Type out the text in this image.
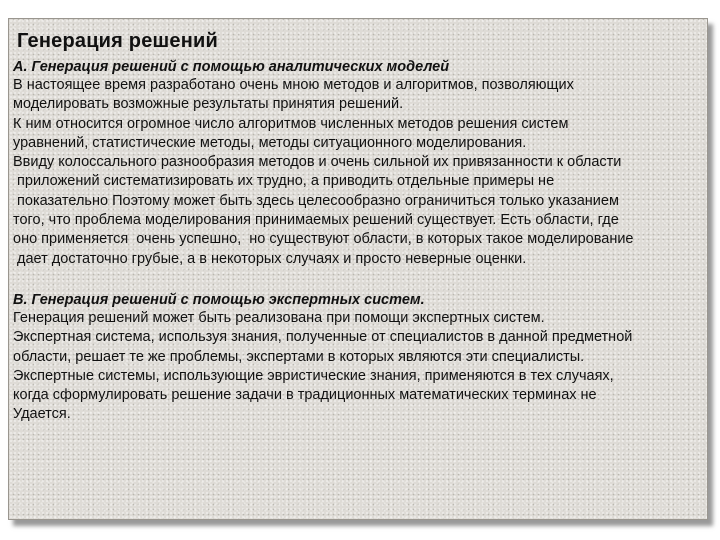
Генерация решений
А. Генерация решений с помощью аналитических моделей
В настоящее время разработано очень мною методов и алгоритмов, позволяющих
моделировать возможные результаты принятия решений.
К ним относится огромное число алгоритмов численных методов решения систем
уравнений, статистические методы, методы ситуационного моделирования.
Ввиду колоссального разнообразия методов и очень сильной их привязанности к области
приложений систематизировать их трудно, а приводить отдельные примеры не
показательно Поэтому может быть здесь целесообразно ограничиться только указанием
того, что проблема моделирования принимаемых решений существует. Есть области, где
оно применяется  очень успешно,  но существуют области, в которых такое моделирование
дает достаточно грубые, а в некоторых случаях и просто неверные оценки.
В. Генерация решений с помощью экспертных систем.
Генерация решений может быть реализована при помощи экспертных систем.
Экспертная система, используя знания, полученные от специалистов в данной предметной
области, решает те же проблемы, экспертами в которых являются эти специалисты.
Экспертные системы, использующие эвристические знания, применяются в тех случаях,
когда сформулировать решение задачи в традиционных математических терминах не
Удается.
